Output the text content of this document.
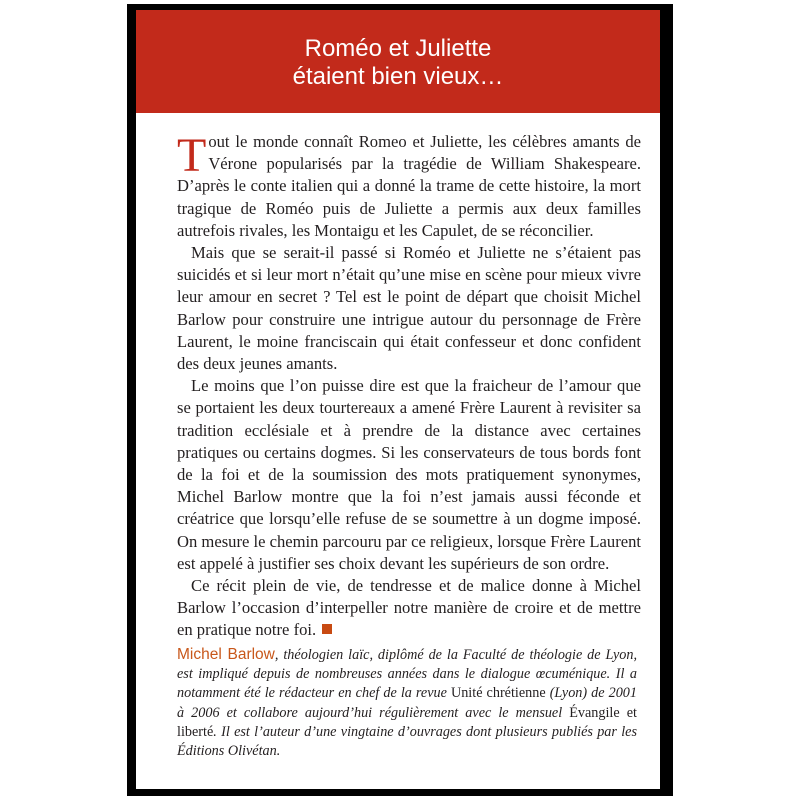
Roméo et Juliette
étaient bien vieux…

Tout le monde connaît Romeo et Juliette, les célèbres amants de Vérone popularisés par la tragédie de William Shakespeare. D’après le conte italien qui a donné la trame de cette histoire, la mort tragique de Roméo puis de Juliette a permis aux deux familles autrefois rivales, les Montaigu et les Capulet, de se réconcilier.

Mais que se serait-il passé si Roméo et Juliette ne s’étaient pas suicidés et si leur mort n’était qu’une mise en scène pour mieux vivre leur amour en secret ? Tel est le point de départ que choisit Michel Barlow pour construire une intrigue autour du personnage de Frère Laurent, le moine franciscain qui était confesseur et donc confident des deux jeunes amants.

Le moins que l’on puisse dire est que la fraicheur de l’amour que se portaient les deux tourtereaux a amené Frère Laurent à revisiter sa tradition ecclésiale et à prendre de la distance avec certaines pratiques ou certains dogmes. Si les conservateurs de tous bords font de la foi et de la soumission des mots pratiquement synonymes, Michel Barlow montre que la foi n’est jamais aussi féconde et créatrice que lorsqu’elle refuse de se soumettre à un dogme imposé. On mesure le chemin parcouru par ce religieux, lorsque Frère Laurent est appelé à justifier ses choix devant les supérieurs de son ordre.

Ce récit plein de vie, de tendresse et de malice donne à Michel Barlow l’occasion d’interpeller notre manière de croire et de mettre en pratique notre foi.

Michel Barlow, théologien laïc, diplômé de la Faculté de théologie de Lyon, est impliqué depuis de nombreuses années dans le dialogue œcuménique. Il a notamment été le rédacteur en chef de la revue Unité chrétienne (Lyon) de 2001 à 2006 et collabore aujourd’hui régulièrement avec le mensuel Évangile et liberté. Il est l’auteur d’une vingtaine d’ouvrages dont plusieurs publiés par les Éditions Olivétan.
